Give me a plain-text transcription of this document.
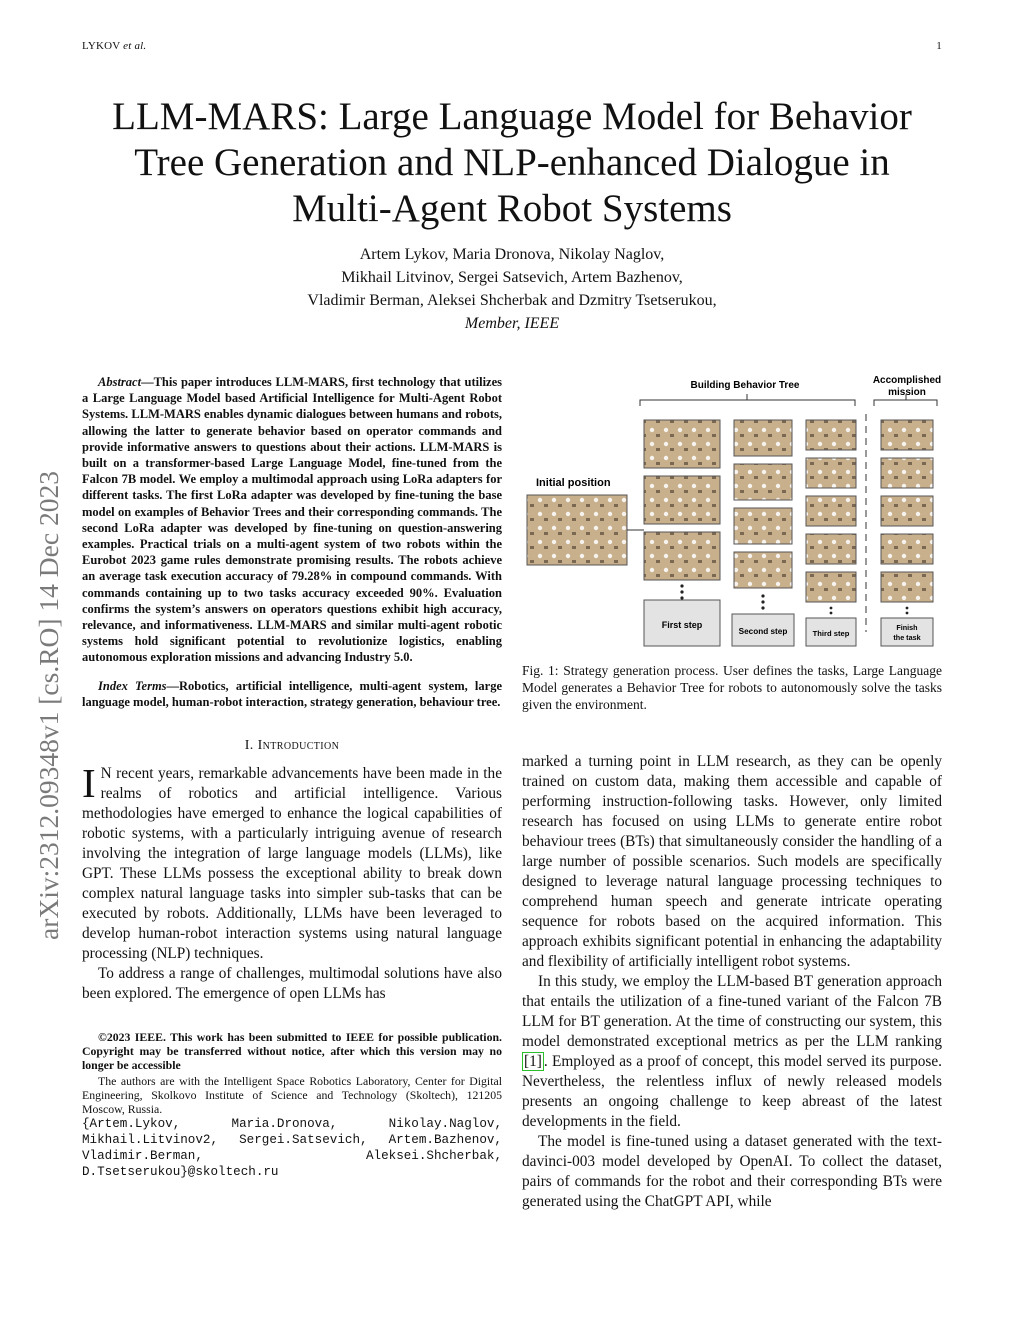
LYKOV et al.	1
LLM-MARS: Large Language Model for Behavior
Tree Generation and NLP-enhanced Dialogue in
Multi-Agent Robot Systems
Artem Lykov, Maria Dronova, Nikolay Naglov,
Mikhail Litvinov, Sergei Satsevich, Artem Bazhenov,
Vladimir Berman, Aleksei Shcherbak and Dzmitry Tsetserukou,
Member, IEEE
arXiv:2312.09348v1 [cs.RO] 14 Dec 2023

Abstract—This paper introduces LLM-MARS, first technology that utilizes a Large Language Model based Artificial Intelligence for Multi-Agent Robot Systems. LLM-MARS enables dynamic dialogues between humans and robots, allowing the latter to generate behavior based on operator commands and provide informative answers to questions about their actions. LLM-MARS is built on a transformer-based Large Language Model, fine-tuned from the Falcon 7B model. We employ a multimodal approach using LoRa adapters for different tasks. The first LoRa adapter was developed by fine-tuning the base model on examples of Behavior Trees and their corresponding commands. The second LoRa adapter was developed by fine-tuning on question-answering examples. Practical trials on a multi-agent system of two robots within the Eurobot 2023 game rules demonstrate promising results. The robots achieve an average task execution accuracy of 79.28% in compound commands. With commands containing up to two tasks accuracy exceeded 90%. Evaluation confirms the system’s answers on operators questions exhibit high accuracy, relevance, and informativeness. LLM-MARS and similar multi-agent robotic systems hold significant potential to revolutionize logistics, enabling autonomous exploration missions and advancing Industry 5.0.

Index Terms—Robotics, artificial intelligence, multi-agent system, large language model, human-robot interaction, strategy generation, behaviour tree.

I. Introduction

I N recent years, remarkable advancements have been made in the realms of robotics and artificial intelligence. Various methodologies have emerged to enhance the logical capabilities of robotic systems, with a particularly intriguing avenue of research involving the integration of large language models (LLMs), like GPT. These LLMs possess the exceptional ability to break down complex natural language tasks into simpler sub-tasks that can be executed by robots. Additionally, LLMs have been leveraged to develop human-robot interaction systems using natural language processing (NLP) techniques.

To address a range of challenges, multimodal solutions have also been explored. The emergence of open LLMs has

©2023 IEEE. This work has been submitted to IEEE for possible publication. Copyright may be transferred without notice, after which this version may no longer be accessible

The authors are with the Intelligent Space Robotics Laboratory, Center for Digital Engineering, Skolkovo Institute of Science and Technology (Skoltech), 121205 Moscow, Russia.

{Artem.Lykov, Maria.Dronova, Nikolay.Naglov, Mikhail.Litvinov2, Sergei.Satsevich, Artem.Bazhenov, Vladimir.Berman, Aleksei.Shcherbak, D.Tsetserukou}@skoltech.ru
Building Behavior Tree	Accomplished
mission
Initial position
First step
Second step	Third step
Finish
the task

Fig. 1: Strategy generation process. User defines the tasks, Large Language Model generates a Behavior Tree for robots to autonomously solve the tasks given the environment.

marked a turning point in LLM research, as they can be openly trained on custom data, making them accessible and capable of performing instruction-following tasks. However, only limited research has focused on using LLMs to generate entire robot behaviour trees (BTs) that simultaneously consider the handling of a large number of possible scenarios. Such models are specifically designed to leverage natural language processing techniques to comprehend human speech and generate intricate operating sequence for robots based on the acquired information. This approach exhibits significant potential in enhancing the adaptability and flexibility of artificially intelligent robot systems.

In this study, we employ the LLM-based BT generation approach that entails the utilization of a fine-tuned variant of the Falcon 7B LLM for BT generation. At the time of constructing our system, this model demonstrated exceptional metrics as per the LLM ranking [1] . Employed as a proof of concept, this model served its purpose. Nevertheless, the relentless influx of newly released models presents an ongoing challenge to keep abreast of the latest developments in the field.

The model is fine-tuned using a dataset generated with the text-davinci-003 model developed by OpenAI. To collect the dataset, pairs of commands for the robot and their corresponding BTs were generated using the ChatGPT API, while
